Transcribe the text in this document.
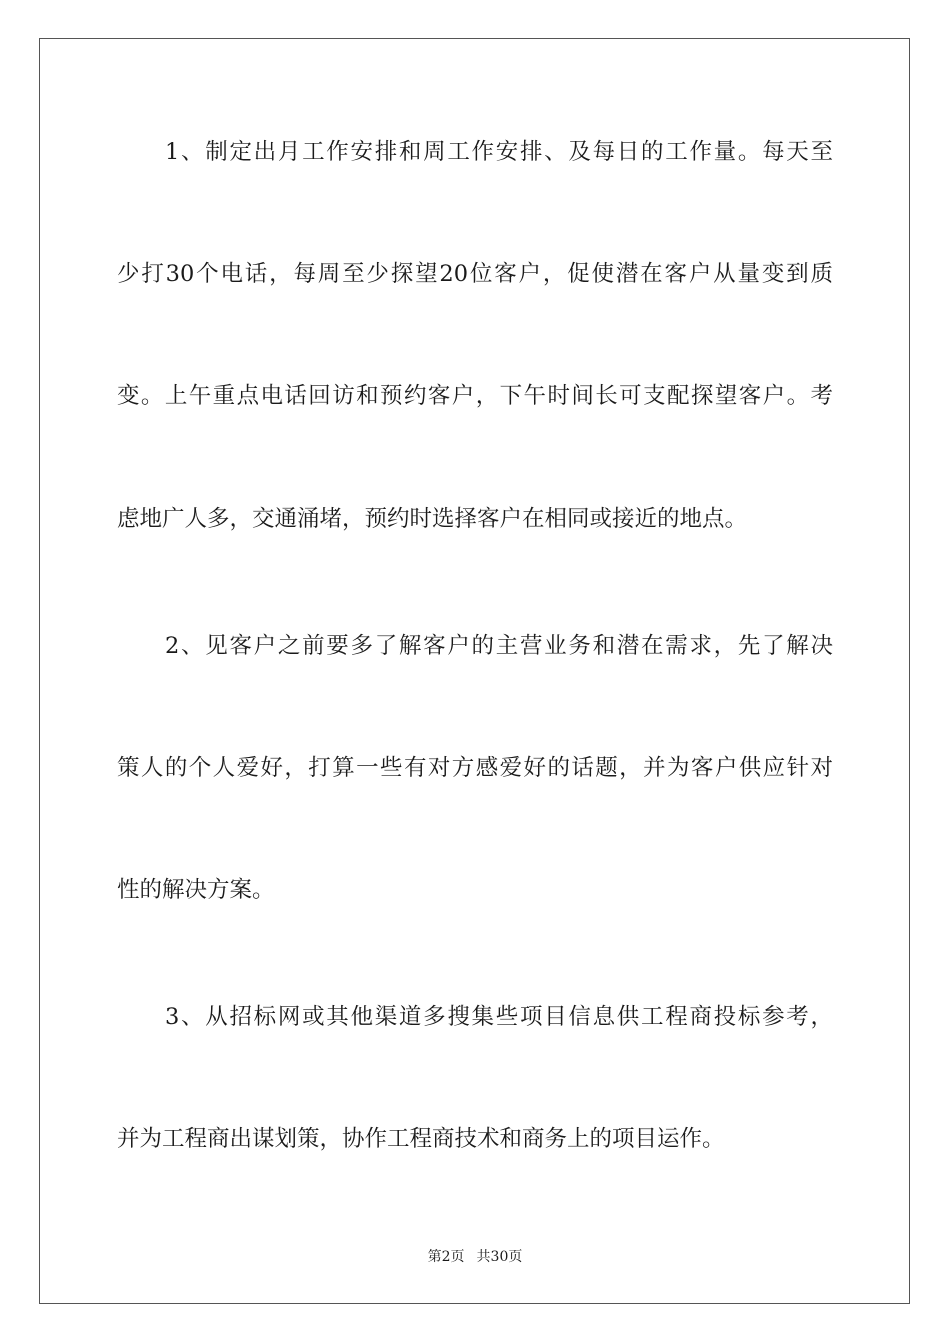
1、制定出月工作安排和周工作安排、及每日的工作量。每天至
少打30个电话，每周至少探望20位客户，促使潜在客户从量变到质
变。上午重点电话回访和预约客户，下午时间长可支配探望客户。考
虑地广人多，交通涌堵，预约时选择客户在相同或接近的地点。
2、见客户之前要多了解客户的主营业务和潜在需求，先了解决
策人的个人爱好，打算一些有对方感爱好的话题，并为客户供应针对
性的解决方案。
3、从招标网或其他渠道多搜集些项目信息供工程商投标参考，
并为工程商出谋划策，协作工程商技术和商务上的项目运作。
第2页 共30页
